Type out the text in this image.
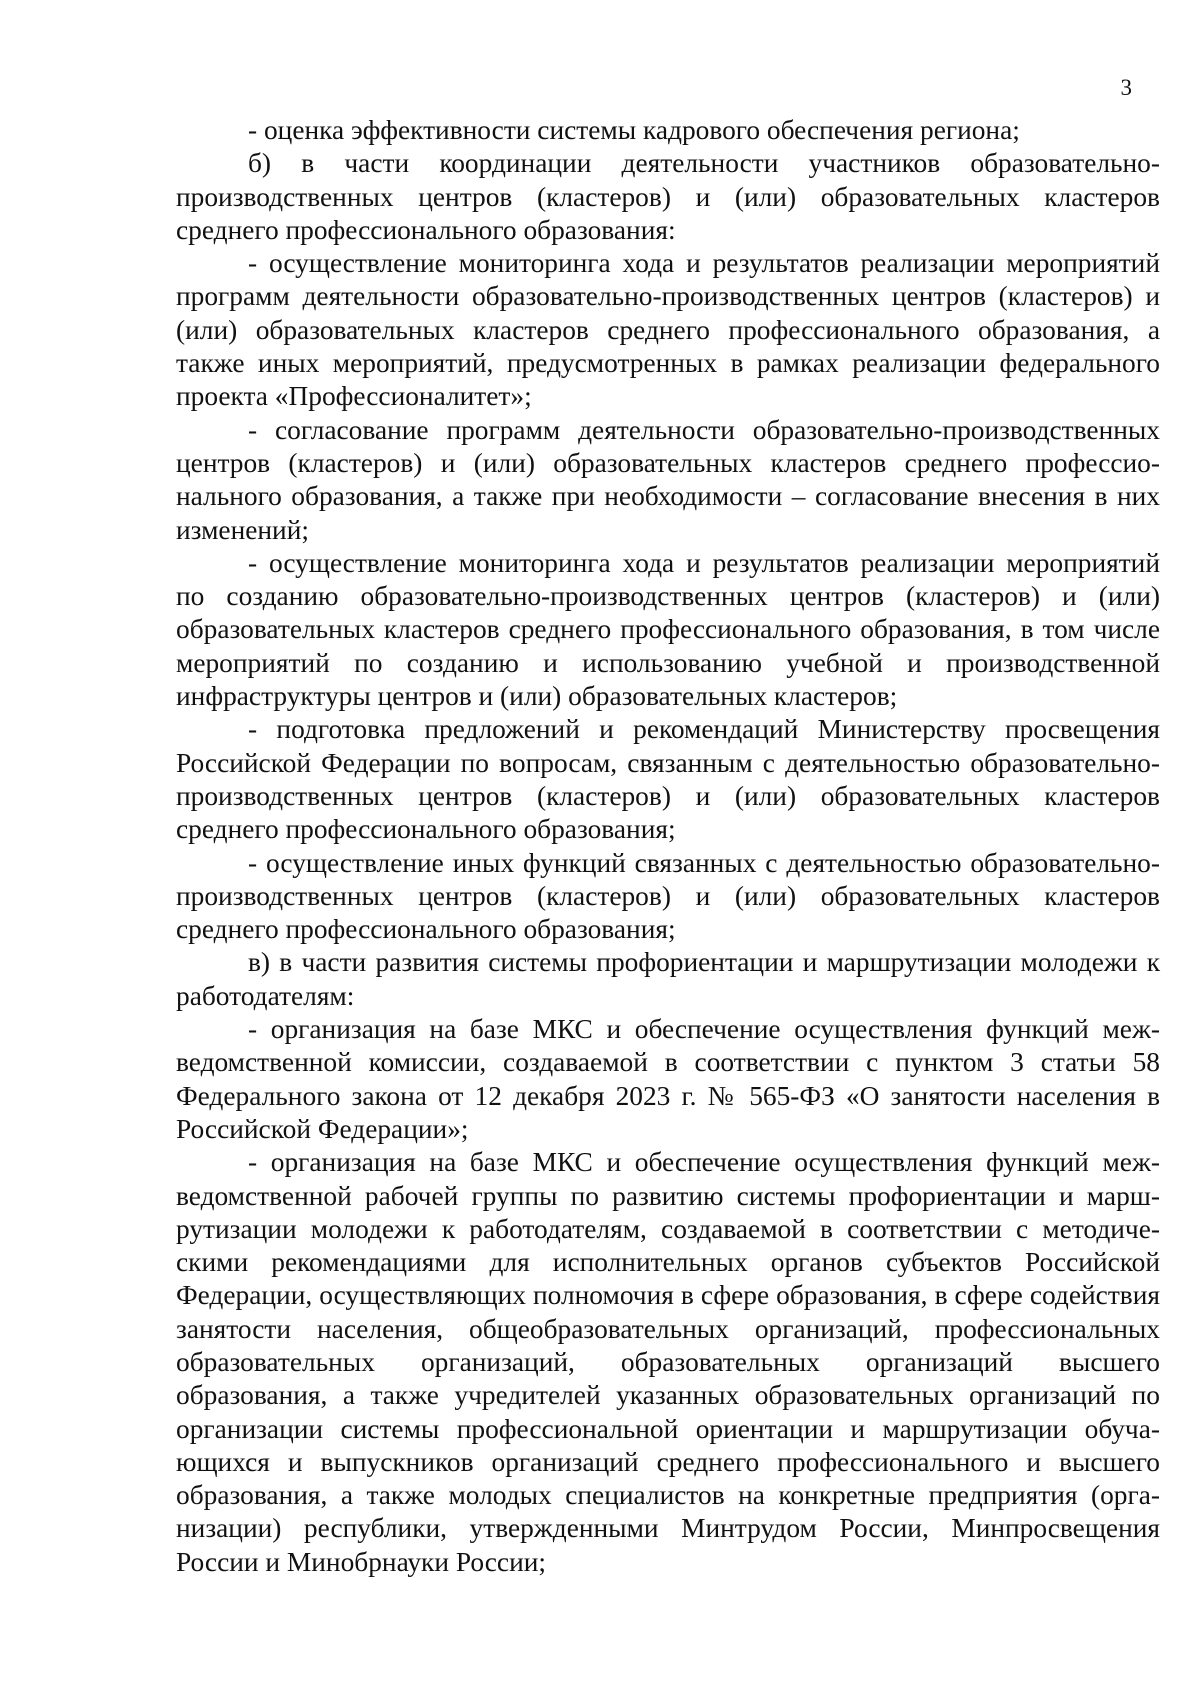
3

- оценка эффективности системы кадрового обеспечения региона;

б) в части координации деятельности участников образовательно-производственных центров (кластеров) и (или) образовательных кластеров среднего профессионального образования:

- осуществление мониторинга хода и результатов реализации мероприятий программ деятельности образовательно-производственных центров (кластеров) и (или) образовательных кластеров среднего профессионального образования, а также иных мероприятий, предусмотренных в рамках реализации федерального проекта «Профессионалитет»;

- согласование программ деятельности образовательно-производственных центров (кластеров) и (или) образовательных кластеров среднего профессионального образования, а также при необходимости – согласование внесения в них изменений;

- осуществление мониторинга хода и результатов реализации мероприятий по созданию образовательно-производственных центров (кластеров) и (или) образовательных кластеров среднего профессионального образования, в том числе мероприятий по созданию и использованию учебной и производственной инфраструктуры центров и (или) образовательных кластеров;

- подготовка предложений и рекомендаций Министерству просвещения Российской Федерации по вопросам, связанным с деятельностью образовательно-производственных центров (кластеров) и (или) образовательных кластеров среднего профессионального образования;

- осуществление иных функций связанных с деятельностью образовательно-производственных центров (кластеров) и (или) образовательных кластеров среднего профессионального образования;

в) в части развития системы профориентации и маршрутизации молодежи к работодателям:

- организация на базе МКС и обеспечение осуществления функций межведомственной комиссии, создаваемой в соответствии с пунктом 3 статьи 58 Федерального закона от 12 декабря 2023 г. № 565-ФЗ «О занятости населения в Российской Федерации»;

- организация на базе МКС и обеспечение осуществления функций межведомственной рабочей группы по развитию системы профориентации и маршрутизации молодежи к работодателям, создаваемой в соответствии с методическими рекомендациями для исполнительных органов субъектов Российской Федерации, осуществляющих полномочия в сфере образования, в сфере содействия занятости населения, общеобразовательных организаций, профессиональных образовательных организаций, образовательных организаций высшего образования, а также учредителей указанных образовательных организаций по организации системы профессиональной ориентации и маршрутизации обучающихся и выпускников организаций среднего профессионального и высшего образования, а также молодых специалистов на конкретные предприятия (организации) республики, утвержденными Минтрудом России, Минпросвещения России и Минобрнауки России;
